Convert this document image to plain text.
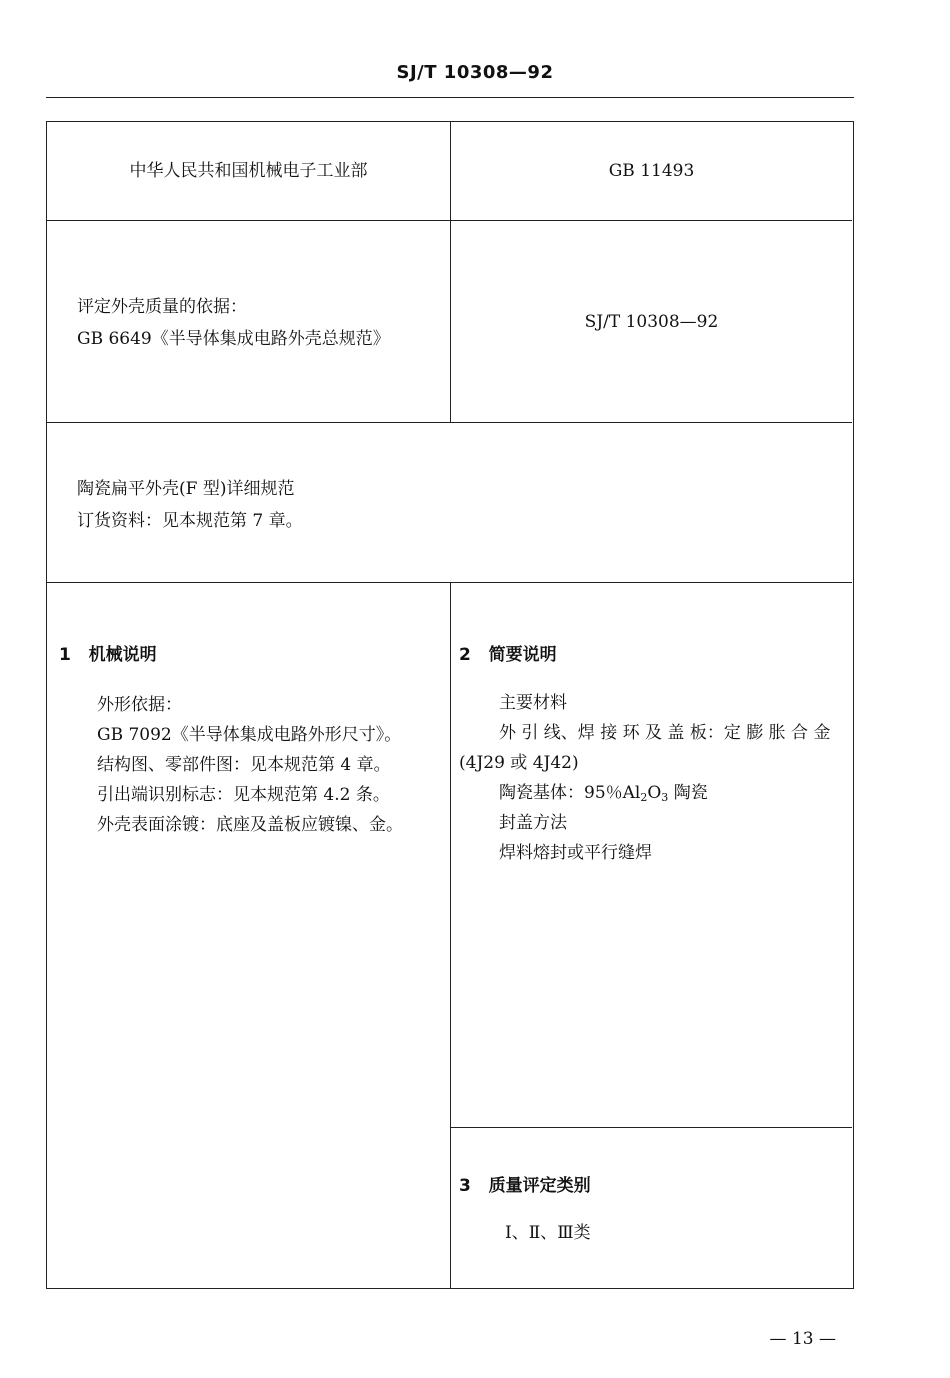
SJ/T 10308—92
中华人民共和国机械电子工业部	GB 11493
评定外壳质量的依据：
GB 6649《半导体集成电路外壳总规范》
SJ/T 10308—92
陶瓷扁平外壳(F 型)详细规范
订货资料：见本规范第 7 章。
1 机械说明
外形依据：
GB 7092《半导体集成电路外形尺寸》。
结构图、零部件图：见本规范第 4 章。
引出端识别标志：见本规范第 4.2 条。
外壳表面涂镀：底座及盖板应镀镍、金。
2 简要说明
主要材料
外 引 线、焊 接 环 及 盖 板：定 膨 胀 合 金
(4J29 或 4J42)
陶瓷基体：95％$Al_2O_3$ 陶瓷
封盖方法
焊料熔封或平行缝焊
3 质量评定类别
Ⅰ、Ⅱ、Ⅲ类
— 13 —
